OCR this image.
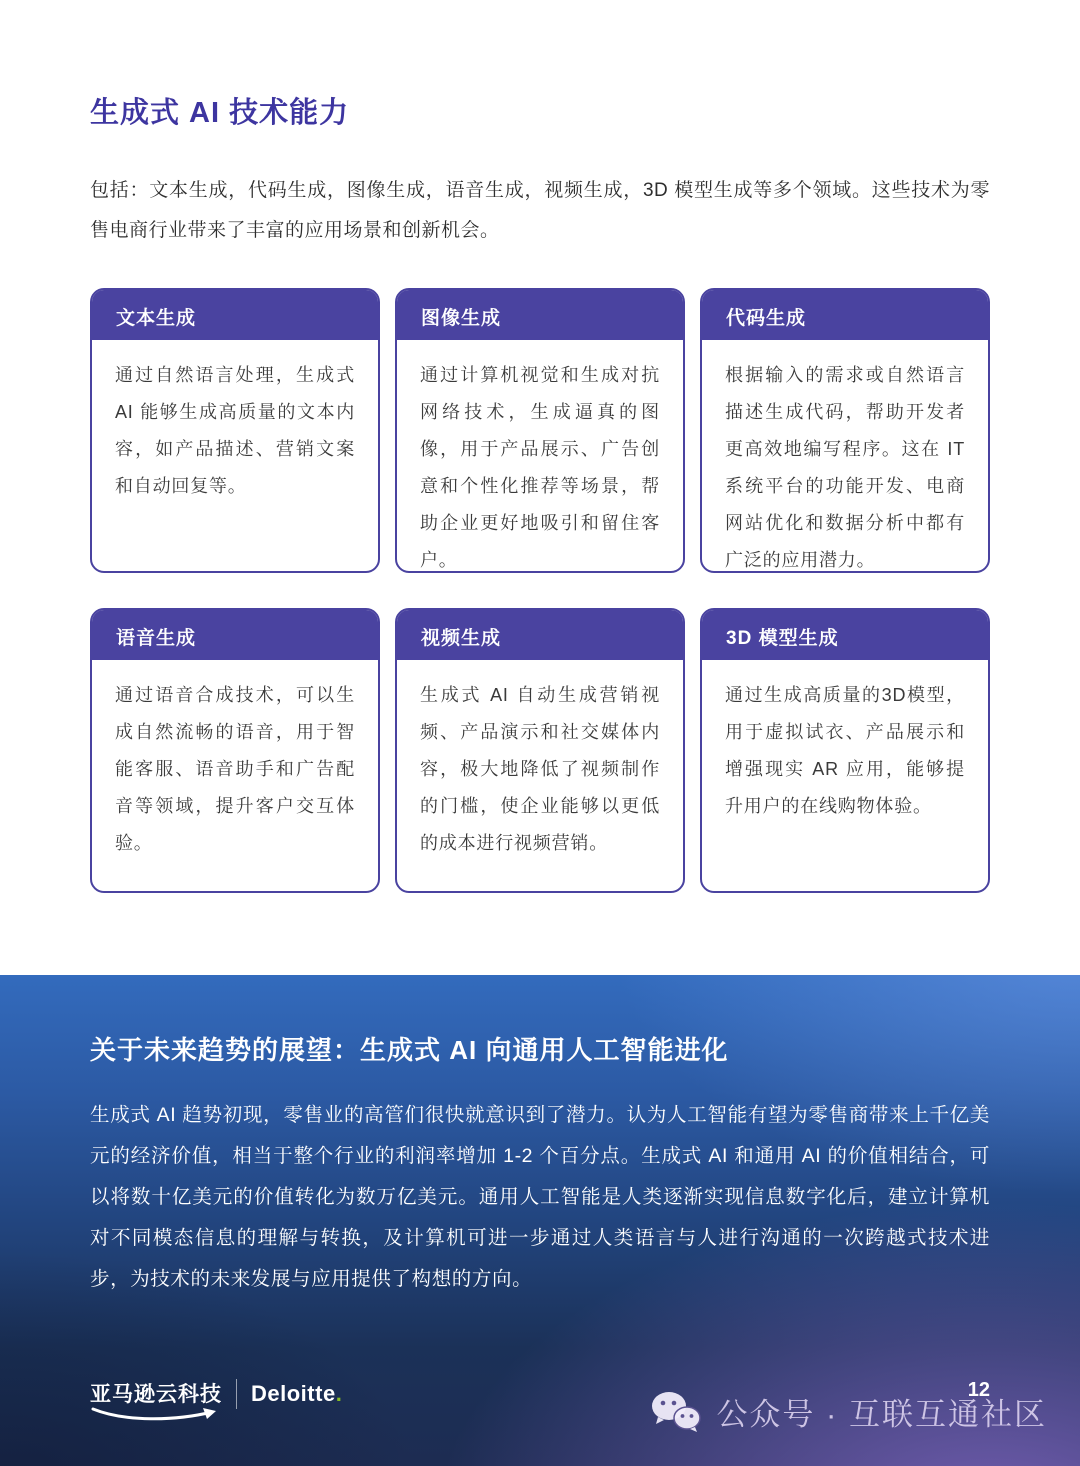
生成式 AI 技术能力

包括：文本生成，代码生成，图像生成，语音生成，视频生成，3D 模型生成等多个领域。这些技术为零售电商行业带来了丰富的应用场景和创新机会。

文本生成
通过自然语言处理，生成式 AI 能够生成高质量的文本内容，如产品描述、营销文案和自动回复等。
图像生成
通过计算机视觉和生成对抗网络技术，生成逼真的图像，用于产品展示、广告创意和个性化推荐等场景，帮助企业更好地吸引和留住客户。
代码生成
根据输入的需求或自然语言描述生成代码，帮助开发者更高效地编写程序。这在 IT 系统平台的功能开发、电商网站优化和数据分析中都有广泛的应用潜力。
语音生成
通过语音合成技术，可以生成自然流畅的语音，用于智能客服、语音助手和广告配音等领域，提升客户交互体验。
视频生成
生成式 AI 自动生成营销视频、产品演示和社交媒体内容，极大地降低了视频制作的门槛，使企业能够以更低的成本进行视频营销。
3D 模型生成
通过生成高质量的3D模型，用于虚拟试衣、产品展示和增强现实 AR 应用，能够提升用户的在线购物体验。
关于未来趋势的展望：生成式 AI 向通用人工智能进化

生成式 AI 趋势初现，零售业的高管们很快就意识到了潜力。认为人工智能有望为零售商带来上千亿美元的经济价值，相当于整个行业的利润率增加 1-2 个百分点。生成式 AI 和通用 AI 的价值相结合，可以将数十亿美元的价值转化为数万亿美元。通用人工智能是人类逐渐实现信息数字化后，建立计算机对不同模态信息的理解与转换，及计算机可进一步通过人类语言与人进行沟通的一次跨越式技术进步，为技术的未来发展与应用提供了构想的方向。

亚马逊云科技 Deloitte.	12
公众号 · 互联互通社区
